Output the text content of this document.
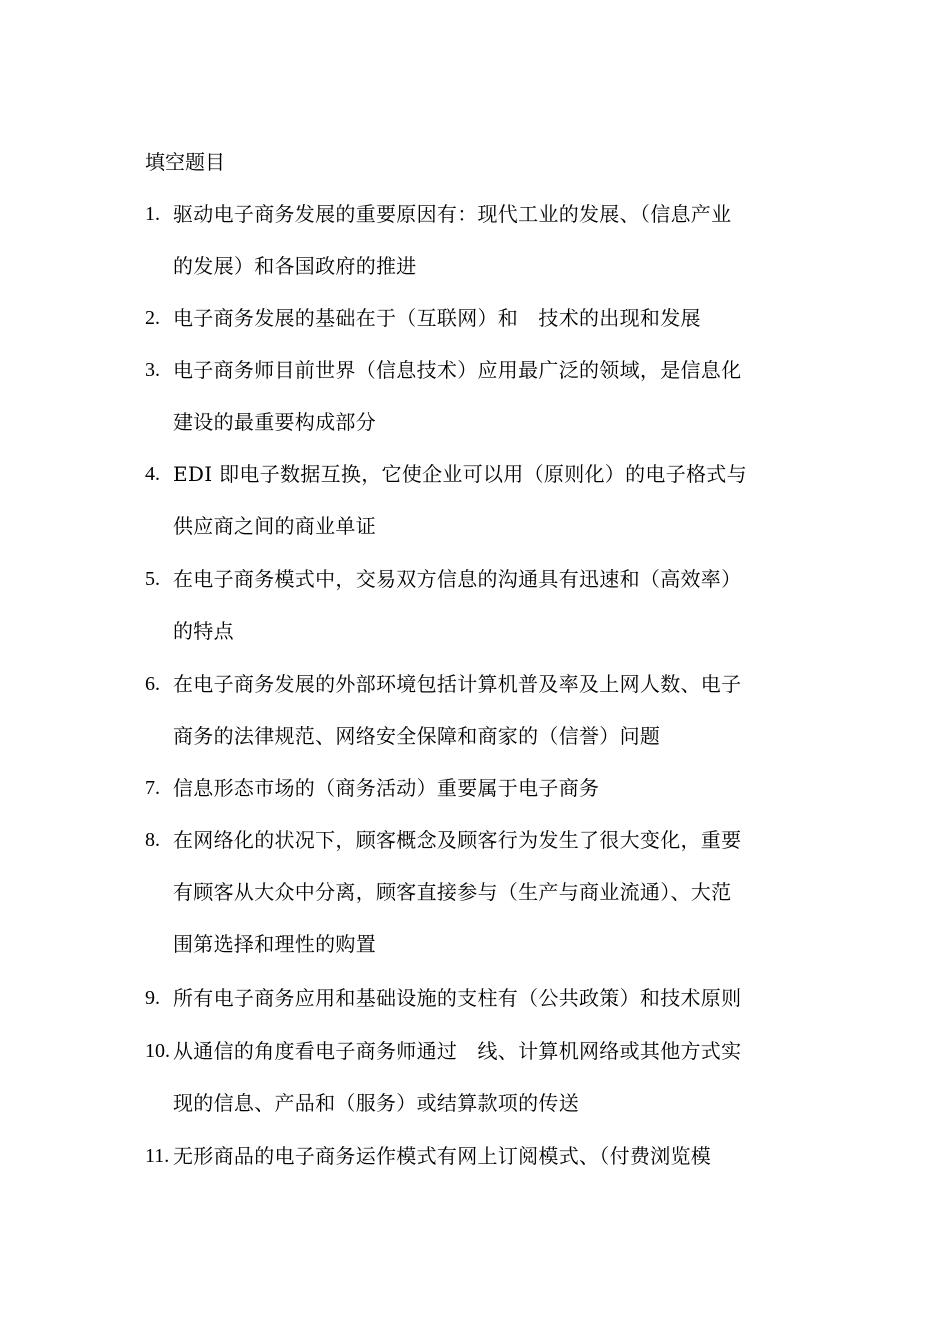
填空题目
1. 驱动电子商务发展的重要原因有：现代工业的发展、（信息产业
的发展）和各国政府的推进
2. 电子商务发展的基础在于（互联网）和　技术的出现和发展
3. 电子商务师目前世界（信息技术）应用最广泛的领域，是信息化
建设的最重要构成部分
4. EDI 即电子数据互换，它使企业可以用（原则化）的电子格式与
供应商之间的商业单证
5. 在电子商务模式中，交易双方信息的沟通具有迅速和（高效率）
的特点
6. 在电子商务发展的外部环境包括计算机普及率及上网人数、电子
商务的法律规范、网络安全保障和商家的（信誉）问题
7. 信息形态市场的（商务活动）重要属于电子商务
8. 在网络化的状况下，顾客概念及顾客行为发生了很大变化，重要
有顾客从大众中分离，顾客直接参与（生产与商业流通）、大范
围第选择和理性的购置
9. 所有电子商务应用和基础设施的支柱有（公共政策）和技术原则
10. 从通信的角度看电子商务师通过　线、计算机网络或其他方式实
现的信息、产品和（服务）或结算款项的传送
11. 无形商品的电子商务运作模式有网上订阅模式、（付费浏览模
